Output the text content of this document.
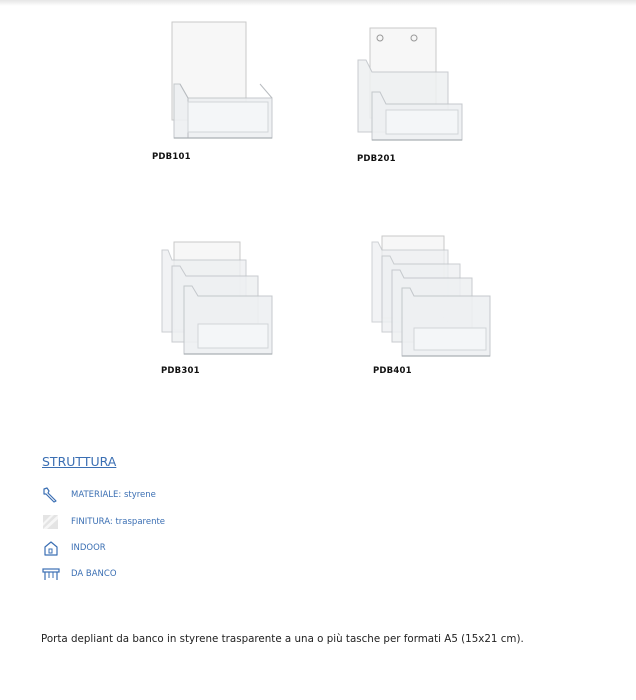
PDB101	PDB201
PDB301	PDB401
STRUTTURA
MATERIALE: styrene
FINITURA: trasparente
INDOOR
DA BANCO
Porta depliant da banco in styrene trasparente a una o più tasche per formati A5 (15x21 cm).
